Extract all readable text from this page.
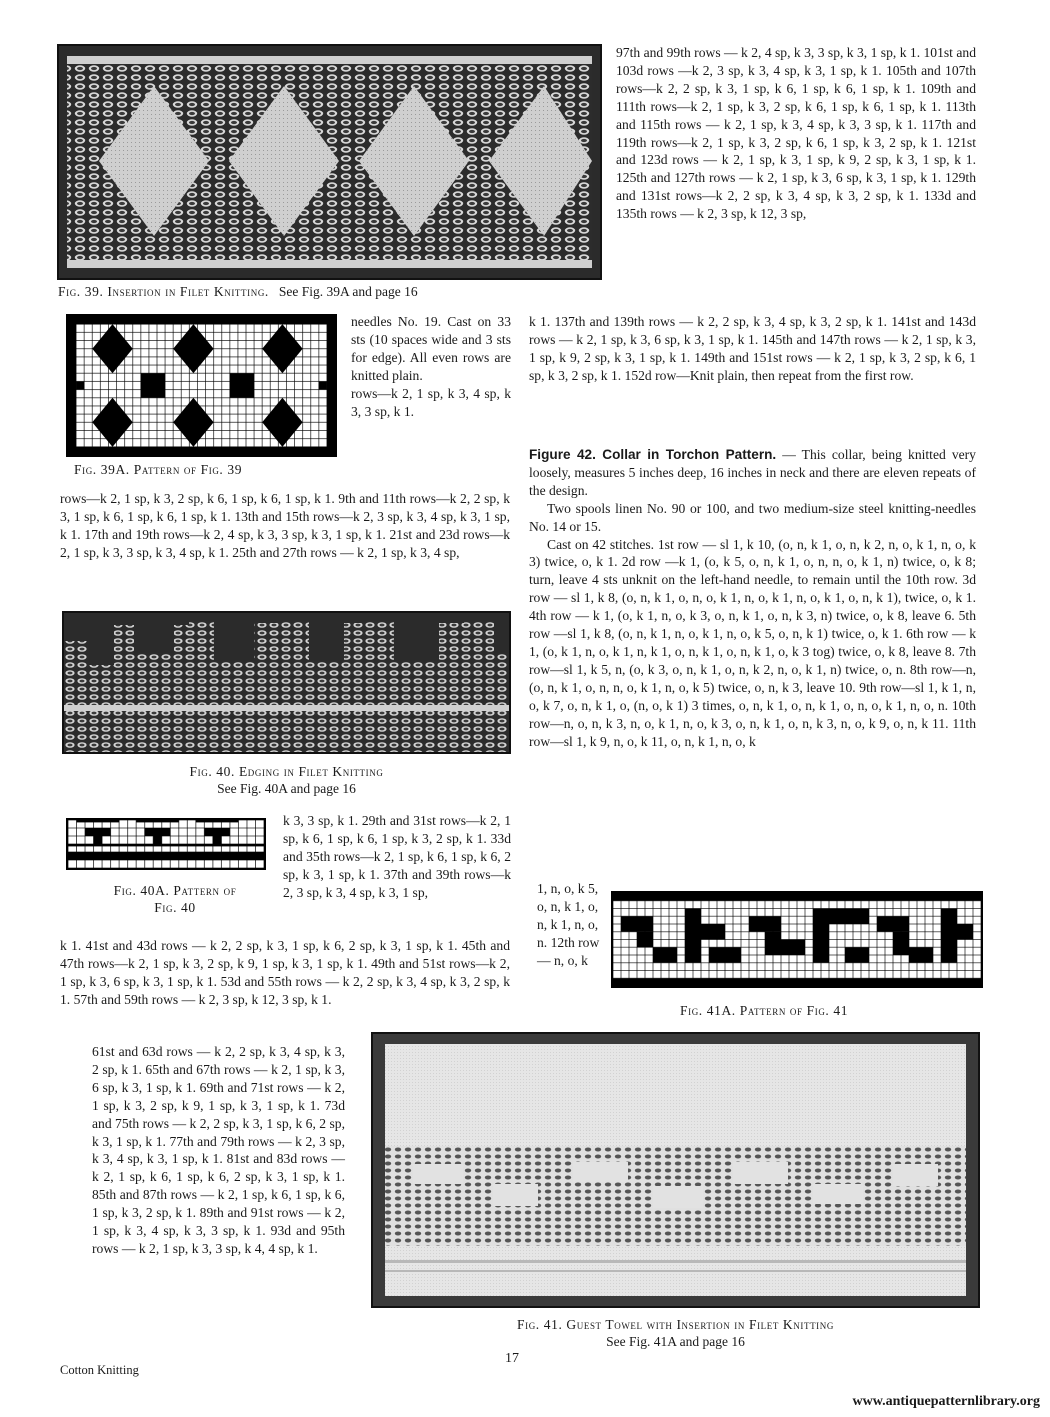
Fig. 39. Insertion in Filet Knitting. See Fig. 39A and page 16
Fig. 39A. Pattern of Fig. 39

needles No. 19. Cast on 33 sts (10 spaces wide and 3 sts for edge). All even rows are knitted plain.

rows—k 2, 1 sp, k 3, 4 sp, k 3, 3 sp, k 1.

rows—k 2, 1 sp, k 3, 2 sp, k 6, 1 sp, k 6, 1 sp, k 1. 9th and 11th rows—k 2, 2 sp, k 3, 1 sp, k 6, 1 sp, k 6, 1 sp, k 1. 13th and 15th rows—k 2, 3 sp, k 3, 4 sp, k 3, 1 sp, k 1. 17th and 19th rows—k 2, 4 sp, k 3, 3 sp, k 3, 1 sp, k 1. 21st and 23d rows—k 2, 1 sp, k 3, 3 sp, k 3, 4 sp, k 1. 25th and 27th rows — k 2, 1 sp, k 3, 4 sp,

Fig. 40. Edging in Filet Knitting
See Fig. 40A and page 16
Fig. 40A. Pattern of
Fig. 40

k 3, 3 sp, k 1. 29th and 31st rows—k 2, 1 sp, k 6, 1 sp, k 6, 1 sp, k 3, 2 sp, k 1. 33d and 35th rows—k 2, 1 sp, k 6, 1 sp, k 6, 2 sp, k 3, 1 sp, k 1. 37th and 39th rows—k 2, 3 sp, k 3, 4 sp, k 3, 1 sp,

k 1. 41st and 43d rows — k 2, 2 sp, k 3, 1 sp, k 6, 2 sp, k 3, 1 sp, k 1. 45th and 47th rows—k 2, 1 sp, k 3, 2 sp, k 9, 1 sp, k 3, 1 sp, k 1. 49th and 51st rows—k 2, 1 sp, k 3, 6 sp, k 3, 1 sp, k 1. 53d and 55th rows — k 2, 2 sp, k 3, 4 sp, k 3, 2 sp, k 1. 57th and 59th rows — k 2, 3 sp, k 12, 3 sp, k 1.

61st and 63d rows — k 2, 2 sp, k 3, 4 sp, k 3, 2 sp, k 1. 65th and 67th rows — k 2, 1 sp, k 3, 6 sp, k 3, 1 sp, k 1. 69th and 71st rows — k 2, 1 sp, k 3, 2 sp, k 9, 1 sp, k 3, 1 sp, k 1. 73d and 75th rows — k 2, 2 sp, k 3, 1 sp, k 6, 2 sp, k 3, 1 sp, k 1. 77th and 79th rows — k 2, 3 sp, k 3, 4 sp, k 3, 1 sp, k 1. 81st and 83d rows — k 2, 1 sp, k 6, 1 sp, k 6, 2 sp, k 3, 1 sp, k 1. 85th and 87th rows — k 2, 1 sp, k 6, 1 sp, k 6, 1 sp, k 3, 2 sp, k 1. 89th and 91st rows — k 2, 1 sp, k 3, 4 sp, k 3, 3 sp, k 1. 93d and 95th rows — k 2, 1 sp, k 3, 3 sp, k 4, 4 sp, k 1.

97th and 99th rows — k 2, 4 sp, k 3, 3 sp, k 3, 1 sp, k 1. 101st and 103d rows —k 2, 3 sp, k 3, 4 sp, k 3, 1 sp, k 1. 105th and 107th rows—k 2, 2 sp, k 3, 1 sp, k 6, 1 sp, k 6, 1 sp, k 1. 109th and 111th rows—k 2, 1 sp, k 3, 2 sp, k 6, 1 sp, k 6, 1 sp, k 1. 113th and 115th rows — k 2, 1 sp, k 3, 4 sp, k 3, 3 sp, k 1. 117th and 119th rows—k 2, 1 sp, k 3, 2 sp, k 6, 1 sp, k 3, 2 sp, k 1. 121st and 123d rows — k 2, 1 sp, k 3, 1 sp, k 9, 2 sp, k 3, 1 sp, k 1. 125th and 127th rows — k 2, 1 sp, k 3, 6 sp, k 3, 1 sp, k 1. 129th and 131st rows—k 2, 2 sp, k 3, 4 sp, k 3, 2 sp, k 1. 133d and 135th rows — k 2, 3 sp, k 12, 3 sp,

k 1. 137th and 139th rows — k 2, 2 sp, k 3, 4 sp, k 3, 2 sp, k 1. 141st and 143d rows — k 2, 1 sp, k 3, 6 sp, k 3, 1 sp, k 1. 145th and 147th rows — k 2, 1 sp, k 3, 1 sp, k 9, 2 sp, k 3, 1 sp, k 1. 149th and 151st rows — k 2, 1 sp, k 3, 2 sp, k 6, 1 sp, k 3, 2 sp, k 1. 152d row—Knit plain, then repeat from the first row.

Figure 42. Collar in Torchon Pattern. — This collar, being knitted very loosely, measures 5 inches deep, 16 inches in neck and there are eleven repeats of the design.

Two spools linen No. 90 or 100, and two medium-size steel knitting-needles No. 14 or 15.

Cast on 42 stitches. 1st row — sl 1, k 10, (o, n, k 1, o, n, k 2, n, o, k 1, n, o, k 3) twice, o, k 1. 2d row —k 1, (o, k 5, o, n, k 1, o, n, n, o, k 1, n) twice, o, k 8; turn, leave 4 sts unknit on the left-hand needle, to remain until the 10th row. 3d row — sl 1, k 8, (o, n, k 1, o, n, o, k 1, n, o, k 1, n, o, k 1, o, n, k 1), twice, o, k 1. 4th row — k 1, (o, k 1, n, o, k 3, o, n, k 1, o, n, k 3, n) twice, o, k 8, leave 6. 5th row —sl 1, k 8, (o, n, k 1, n, o, k 1, n, o, k 5, o, n, k 1) twice, o, k 1. 6th row — k 1, (o, k 1, n, o, k 1, n, k 1, o, n, k 1, o, n, k 1, o, k 3 tog) twice, o, k 8, leave 8. 7th row—sl 1, k 5, n, (o, k 3, o, n, k 1, o, n, k 2, n, o, k 1, n) twice, o, n. 8th row—n, (o, n, k 1, o, n, n, o, k 1, n, o, k 5) twice, o, n, k 3, leave 10. 9th row—sl 1, k 1, n, o, k 7, o, n, k 1, o, (n, o, k 1) 3 times, o, n, k 1, o, n, k 1, o, n, o, k 1, n, o, n. 10th row—n, o, n, k 3, n, o, k 1, n, o, k 3, o, n, k 1, o, n, k 3, n, o, k 9, o, n, k 11. 11th row—sl 1, k 9, n, o, k 11, o, n, k 1, n, o, k

1, n, o, k 5, o, n, k 1, o, n, k 1, n, o, n. 12th row — n, o, k

Fig. 41A. Pattern of Fig. 41
Fig. 41. Guest Towel with Insertion in Filet Knitting
See Fig. 41A and page 16
Cotton Knitting
17
www.antiquepatternlibrary.org
